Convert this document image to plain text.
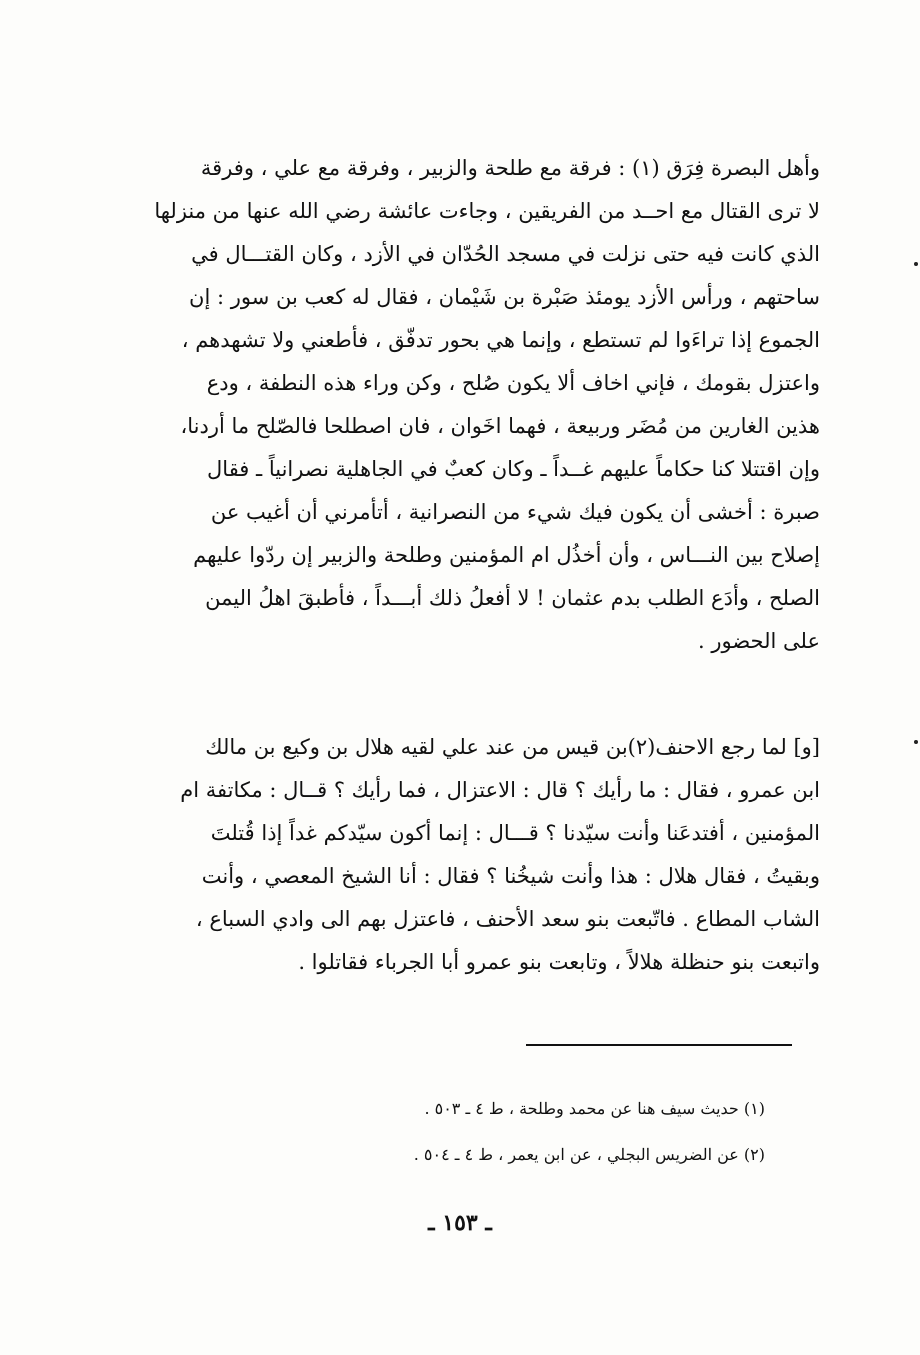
وأهل البصرة فِرَق (١) : فرقة مع طلحة والزبير ، وفرقة مع علي ، وفرقة
لا ترى القتال مع احــد من الفريقين ، وجاءت عائشة رضي الله عنها من منزلها
الذي كانت فيه حتى نزلت في مسجد الحُدّان في الأزد ، وكان القتـــال في
ساحتهم ، ورأس الأزد يومئذ صَبْرة بن شَيْمان ، فقال له كعب بن سور : إن
الجموع إذا تراءَوا لم تستطع ، وإنما هي بحور تدفّق ، فأطعني ولا تشهدهم ،
واعتزل بقومك ، فإني اخاف ألا يكون صُلح ، وكن وراء هذه النطفة ، ودع
هذين الغارين من مُضَر وربيعة ، فهما اخَوان ، فان اصطلحا فالصّلح ما أردنا،
وإن اقتتلا كنا حكاماً عليهم غــداً ـ وكان كعبٌ في الجاهلية نصرانياً ـ فقال
صبرة : أخشى أن يكون فيك شيء من النصرانية ، أتأمرني أن أغيب عن
إصلاح بين النـــاس ، وأن أخذُل ام المؤمنين وطلحة والزبير إن ردّوا عليهم
الصلح ، وأدَع الطلب بدم عثمان ! لا أفعلُ ذلك أبـــداً ، فأطبقَ اهلُ اليمن
على الحضور .
[و] لما رجع الاحنف(٢)بن قيس من عند علي لقيه هلال بن وكيع بن مالك
ابن عمرو ، فقال : ما رأيك ؟ قال : الاعتزال ، فما رأيك ؟ قــال : مكاتفة ام
المؤمنين ، أفتدعَنا وأنت سيّدنا ؟ قـــال : إنما أكون سيّدكم غداً إذا قُتلتَ
وبقيتُ ، فقال هلال : هذا وأنت شيخُنا ؟ فقال : أنا الشيخ المعصي ، وأنت
الشاب المطاع . فاتّبعت بنو سعد الأحنف ، فاعتزل بهم الى وادي السباع ،
واتبعت بنو حنظلة هلالاً ، وتابعت بنو عمرو أبا الجرباء فقاتلوا .
(١) حديث سيف هنا عن محمد وطلحة ، ط ٤ ـ ٥٠٣ .
(٢) عن الضريس البجلي ، عن ابن يعمر ، ط ٤ ـ ٥٠٤ .
ـ ١٥٣ ـ
